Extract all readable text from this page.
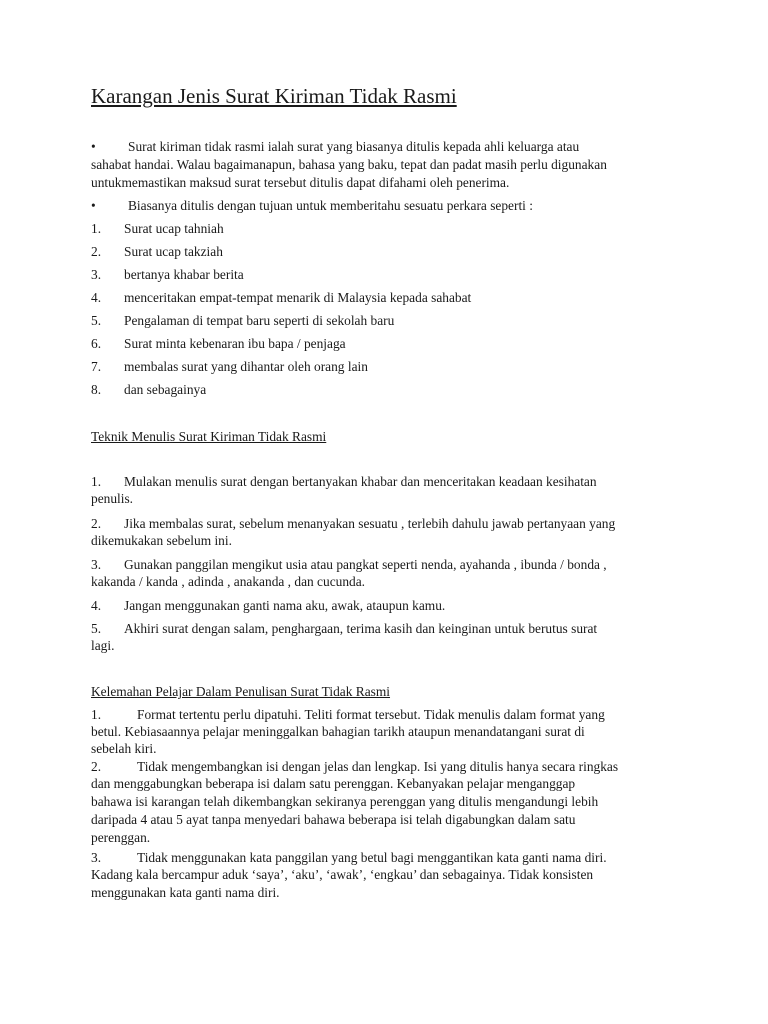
Karangan Jenis Surat Kiriman Tidak Rasmi
• Surat kiriman tidak rasmi ialah surat yang biasanya ditulis kepada ahli keluarga atau

sahabat handai. Walau bagaimanapun, bahasa yang baku, tepat dan padat masih perlu digunakan

untukmemastikan maksud surat tersebut ditulis dapat difahami oleh penerima.

• Biasanya ditulis dengan tujuan untuk memberitahu sesuatu perkara seperti :

1. Surat ucap tahniah
2. Surat ucap takziah
3. bertanya khabar berita
4. menceritakan empat-tempat menarik di Malaysia kepada sahabat
5. Pengalaman di tempat baru seperti di sekolah baru
6. Surat minta kebenaran ibu bapa / penjaga
7. membalas surat yang dihantar oleh orang lain
8. dan sebagainya
Teknik Menulis Surat Kiriman Tidak Rasmi
1. Mulakan menulis surat dengan bertanyakan khabar dan menceritakan keadaan kesihatan
penulis.
2. Jika membalas surat, sebelum menanyakan sesuatu , terlebih dahulu jawab pertanyaan yang
dikemukakan sebelum ini.
3. Gunakan panggilan mengikut usia atau pangkat seperti nenda, ayahanda , ibunda / bonda ,
kakanda / kanda , adinda , anakanda , dan cucunda.
4. Jangan menggunakan ganti nama aku, awak, ataupun kamu.
5. Akhiri surat dengan salam, penghargaan, terima kasih dan keinginan untuk berutus surat
lagi.
Kelemahan Pelajar Dalam Penulisan Surat Tidak Rasmi
1.	Format tertentu perlu dipatuhi. Teliti format tersebut. Tidak menulis dalam format yang
betul. Kebiasaannya pelajar meninggalkan bahagian tarikh ataupun menandatangani surat di
sebelah kiri.
2.	Tidak mengembangkan isi dengan jelas dan lengkap. Isi yang ditulis hanya secara ringkas
dan menggabungkan beberapa isi dalam satu perenggan. Kebanyakan pelajar menganggap
bahawa isi karangan telah dikembangkan sekiranya perenggan yang ditulis mengandungi lebih
daripada 4 atau 5 ayat tanpa menyedari bahawa beberapa isi telah digabungkan dalam satu
perenggan.
3.	Tidak menggunakan kata panggilan yang betul bagi menggantikan kata ganti nama diri.
Kadang kala bercampur aduk ‘saya’, ‘aku’, ‘awak’, ‘engkau’ dan sebagainya. Tidak konsisten
menggunakan kata ganti nama diri.
